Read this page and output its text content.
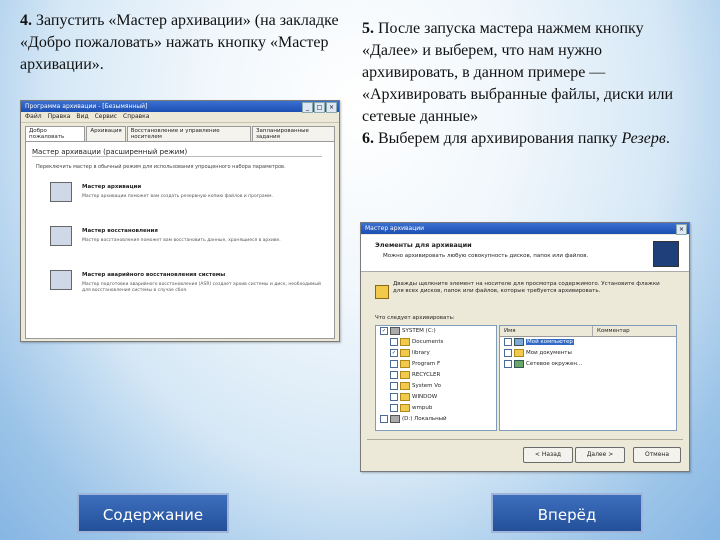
4. Запустить «Мастер архивации» (на закладке «Добро пожаловать» нажать кнопку «Мастер архивации».
5. После запуска мастера нажмем кнопку «Далее» и выберем, что нам нужно архивировать, в данном примере — «Архивировать выбранные файлы, диски или сетевые данные»
6. Выберем для архивирования папку Резерв.
Программа архивации - [Безымянный]	_	□	×
Файл Правка Вид Сервис Справка
Добро пожаловать
Архивация	Восстановление и управление носителем
Запланированные задания
Мастер архивации (расширенный режим)
Переключить мастер в обычный режим для использования упрощенного набора параметров.
Мастер архивации
Мастер архивации поможет вам создать резервную копию файлов и программ.
Мастер восстановления
Мастер восстановления поможет вам восстановить данные, хранящиеся в архиве.
Мастер аварийного восстановления системы
Мастер подготовки аварийного восстановления (ASR) создает архив системы и диск, необходимый для восстановления системы в случае сбоя.
Мастер архивации	×
Элементы для архивации
Можно архивировать любую совокупность дисков, папок или файлов.
Дважды щелкните элемент на носителе для просмотра содержимого. Установите флажки для всех дисков, папок или файлов, которые требуется архивировать.
Что следует архивировать:
✓	SYSTEM (C:)
Documents
✓	library
Program F
RECYCLER
System Vo
WINDOW
wmpub
(D:) Локальный
Имя	Комментар
Мой компьютер
Мои документы
Сетевое окружен...
< Назад	Далее >	Отмена
Содержание	Вперёд
